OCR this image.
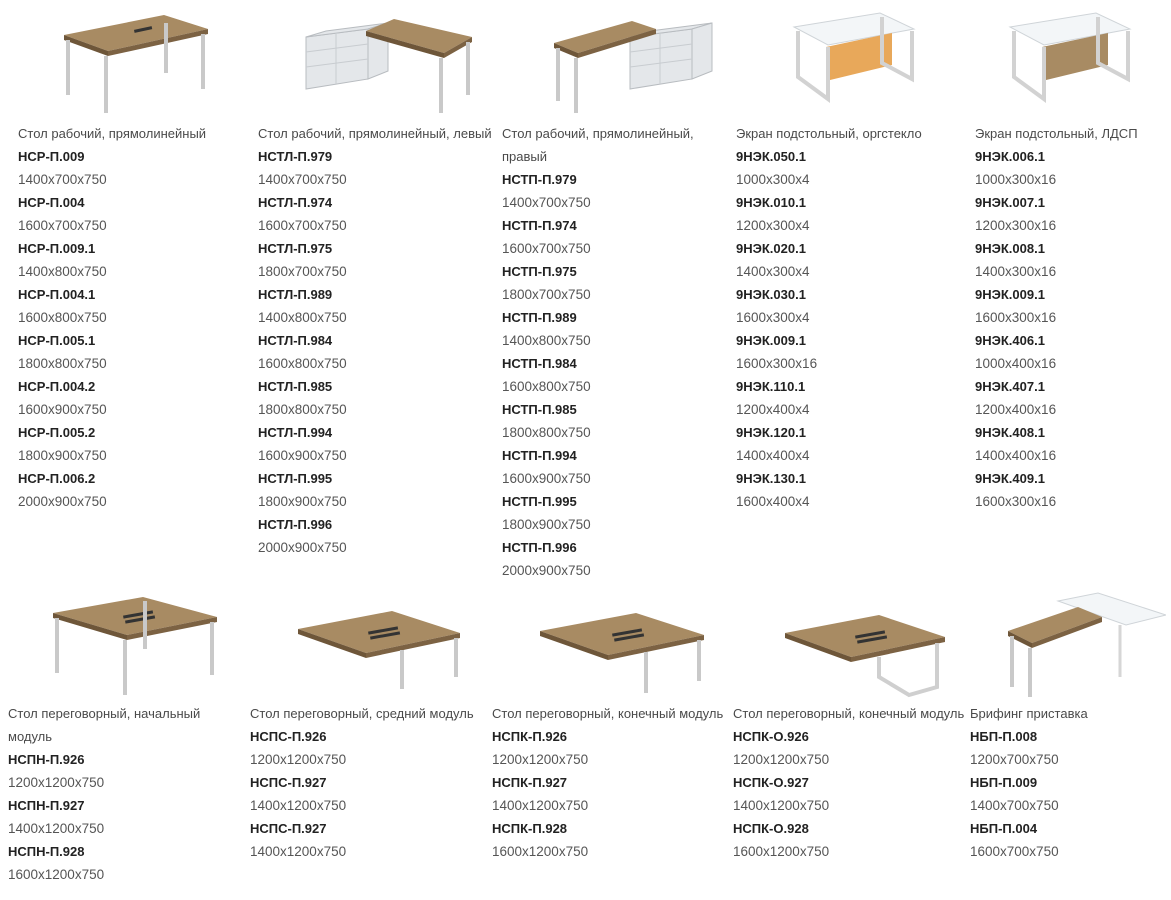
Стол рабочий, прямолинейный

НСР-П.009
1400х700х750
НСР-П.004
1600х700х750
НСР-П.009.1
1400х800х750
НСР-П.004.1
1600х800х750
НСР-П.005.1
1800х800х750
НСР-П.004.2
1600х900х750
НСР-П.005.2
1800х900х750
НСР-П.006.2
2000х900х750

Стол рабочий, прямолинейный, левый

НСТЛ-П.979
1400х700х750
НСТЛ-П.974
1600х700х750
НСТЛ-П.975
1800х700х750
НСТЛ-П.989
1400х800х750
НСТЛ-П.984
1600х800х750
НСТЛ-П.985
1800х800х750
НСТЛ-П.994
1600х900х750
НСТЛ-П.995
1800х900х750
НСТЛ-П.996
2000х900х750

Стол рабочий, прямолинейный, правый

НСТП-П.979
1400х700х750
НСТП-П.974
1600х700х750
НСТП-П.975
1800х700х750
НСТП-П.989
1400х800х750
НСТП-П.984
1600х800х750
НСТП-П.985
1800х800х750
НСТП-П.994
1600х900х750
НСТП-П.995
1800х900х750
НСТП-П.996
2000х900х750

Экран подстольный, оргстекло

9НЭК.050.1
1000х300х4
9НЭК.010.1
1200х300х4
9НЭК.020.1
1400х300х4
9НЭК.030.1
1600х300х4
9НЭК.009.1
1600х300х16
9НЭК.110.1
1200х400х4
9НЭК.120.1
1400х400х4
9НЭК.130.1
1600х400х4

Экран подстольный, ЛДСП

9НЭК.006.1
1000х300х16
9НЭК.007.1
1200х300х16
9НЭК.008.1
1400х300х16
9НЭК.009.1
1600х300х16
9НЭК.406.1
1000х400х16
9НЭК.407.1
1200х400х16
9НЭК.408.1
1400х400х16
9НЭК.409.1
1600х300х16

Стол переговорный, начальный модуль

НСПН-П.926
1200х1200х750
НСПН-П.927
1400х1200х750
НСПН-П.928
1600х1200х750

Стол переговорный, средний модуль

НСПС-П.926
1200х1200х750
НСПС-П.927
1400х1200х750
НСПС-П.927
1400х1200х750

Стол переговорный, конечный модуль

НСПК-П.926
1200х1200х750
НСПК-П.927
1400х1200х750
НСПК-П.928
1600х1200х750

Стол переговорный, конечный модуль

НСПК-О.926
1200х1200х750
НСПК-О.927
1400х1200х750
НСПК-О.928
1600х1200х750

Брифинг приставка

НБП-П.008
1200х700х750
НБП-П.009
1400х700х750
НБП-П.004
1600х700х750
